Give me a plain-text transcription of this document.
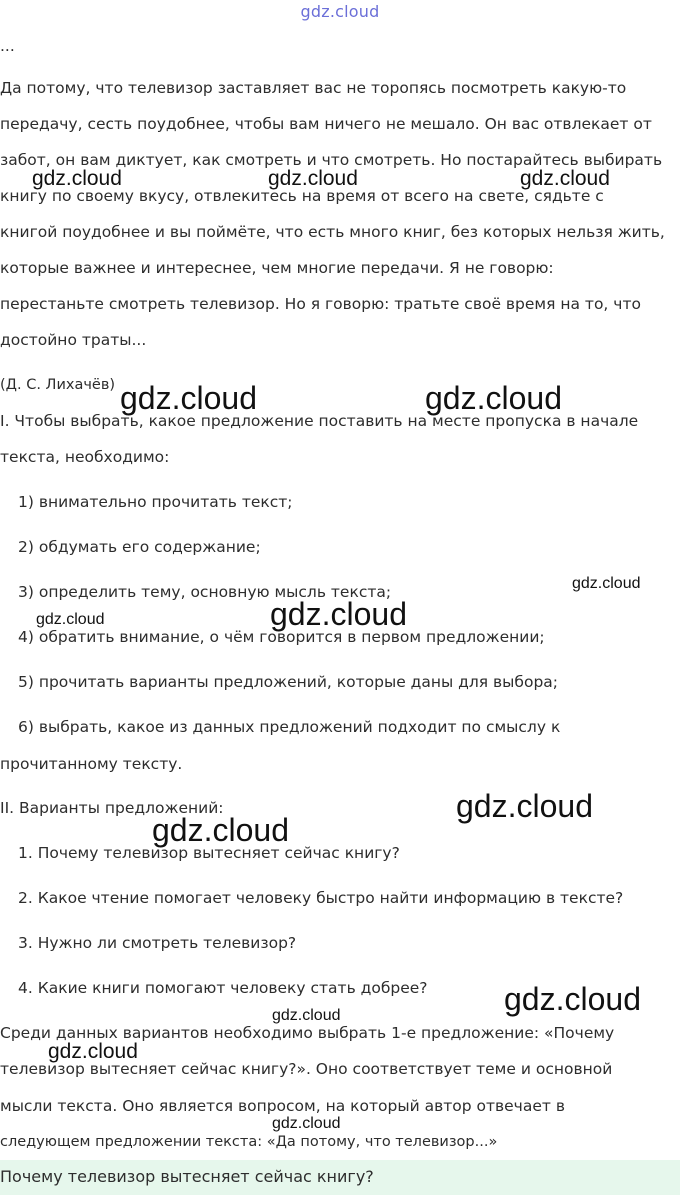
gdz.cloud
...
Да потому, что телевизор заставляет вас не торопясь посмотреть какую-то
передачу, сесть поудобнее, чтобы вам ничего не мешало. Он вас отвлекает от
забот, он вам диктует, как смотреть и что смотреть. Но постарайтесь выбирать
книгу по своему вкусу, отвлекитесь на время от всего на свете, сядьте с
книгой поудобнее и вы поймёте, что есть много книг, без которых нельзя жить,
которые важнее и интереснее, чем многие передачи. Я не говорю:
перестаньте смотреть телевизор. Но я говорю: тратьте своё время на то, что
достойно траты...
(Д. С. Лихачёв)
I. Чтобы выбрать, какое предложение поставить на месте пропуска в начале
текста, необходимо:
1) внимательно прочитать текст;
2) обдумать его содержание;
3) определить тему, основную мысль текста;
4) обратить внимание, о чём говорится в первом предложении;
5) прочитать варианты предложений, которые даны для выбора;
6) выбрать, какое из данных предложений подходит по смыслу к
прочитанному тексту.
II. Варианты предложений:
1. Почему телевизор вытесняет сейчас книгу?
2. Какое чтение помогает человеку быстро найти информацию в тексте?
3. Нужно ли смотреть телевизор?
4. Какие книги помогают человеку стать добрее?
Среди данных вариантов необходимо выбрать 1-е предложение: «Почему
телевизор вытесняет сейчас книгу?». Оно соответствует теме и основной
мысли текста. Оно является вопросом, на который автор отвечает в
следующем предложении текста: «Да потому, что телевизор...»
Почему телевизор вытесняет сейчас книгу?
gdz.cloud	gdz.cloud	gdz.cloud
gdz.cloud	gdz.cloud
gdz.cloud
gdz.cloud	gdz.cloud
gdz.cloud
gdz.cloud
gdz.cloud
gdz.cloud
gdz.cloud
gdz.cloud
